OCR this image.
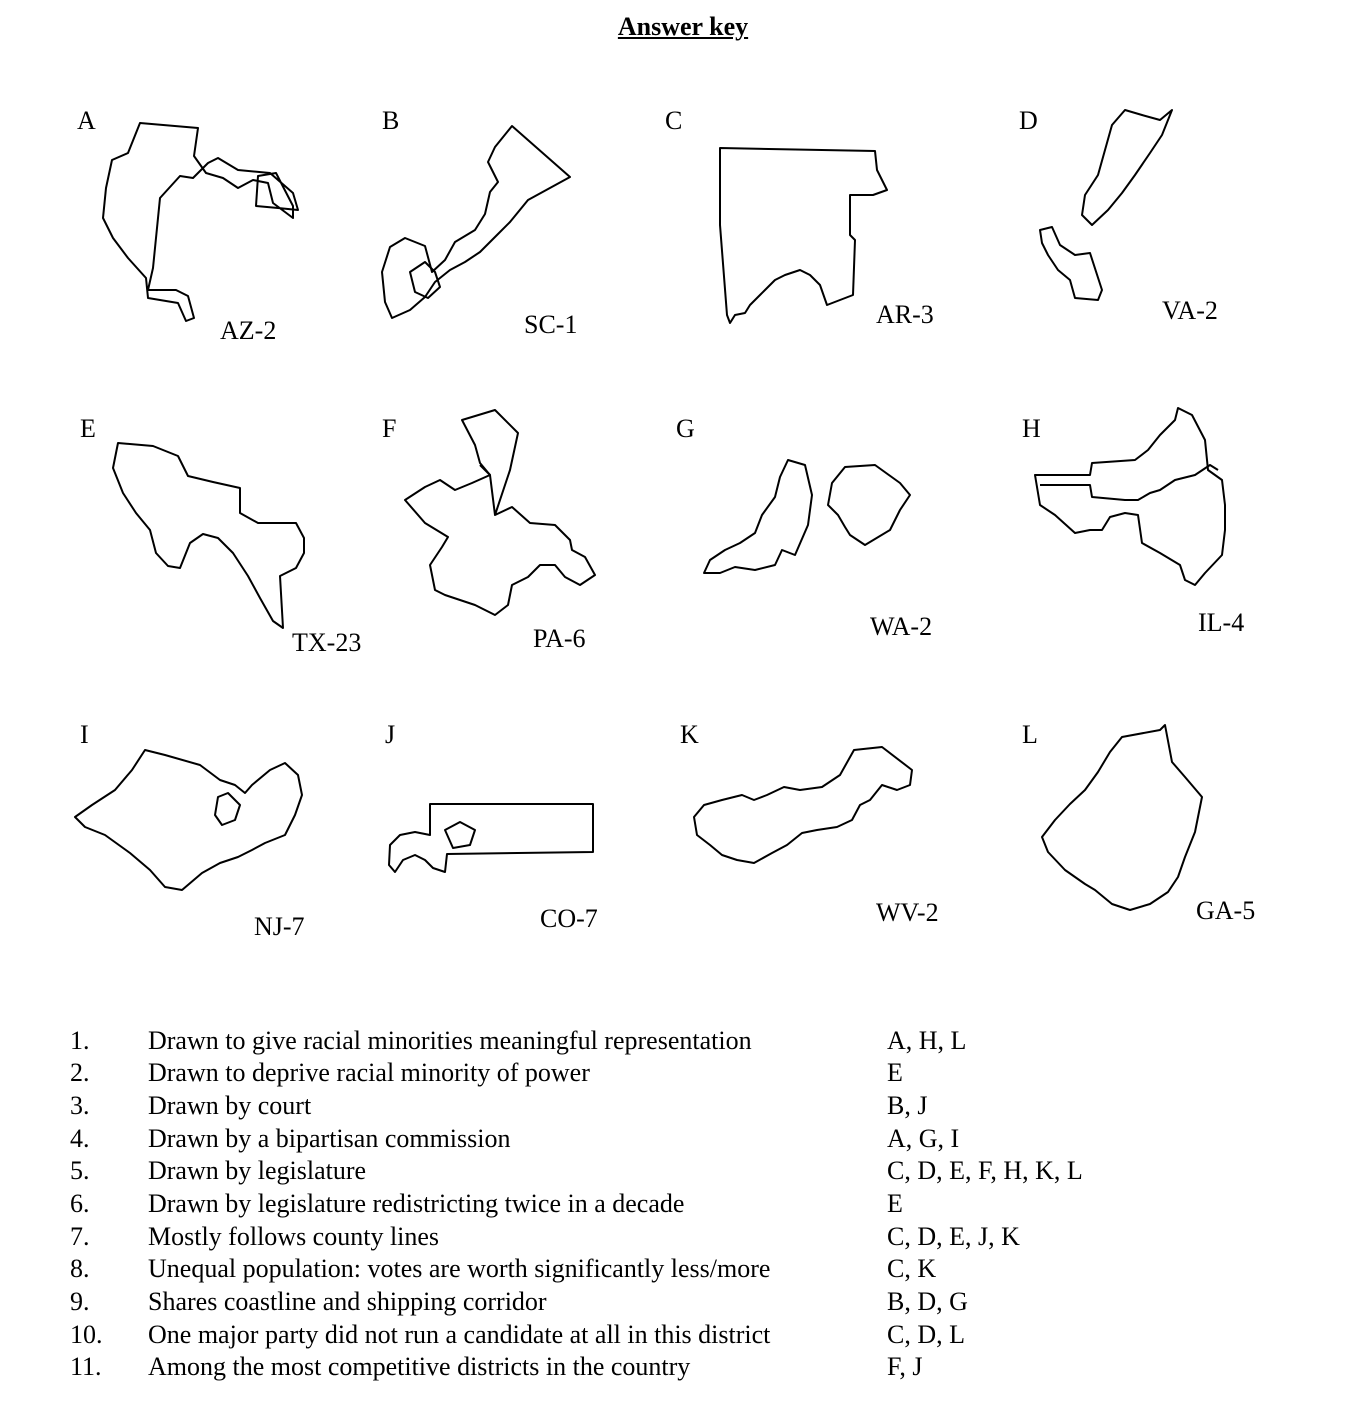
Answer key
A
AZ-2
B
SC-1
C
AR-3
D
VA-2
E
TX-23
F
PA-6
G
WA-2
H
IL-4
I
NJ-7
J
CO-7
K
WV-2
L
GA-5
1. Drawn to give racial minorities meaningful representation	A, H, L
2. Drawn to deprive racial minority of power	E
3. Drawn by court	B, J
4. Drawn by a bipartisan commission	A, G, I
5. Drawn by legislature	C, D, E, F, H, K, L
6. Drawn by legislature redistricting twice in a decade	E
7. Mostly follows county lines	C, D, E, J, K
8. Unequal population: votes are worth significantly less/more	C, K
9. Shares coastline and shipping corridor	B, D, G
10. One major party did not run a candidate at all in this district	C, D, L
11. Among the most competitive districts in the country	F, J
